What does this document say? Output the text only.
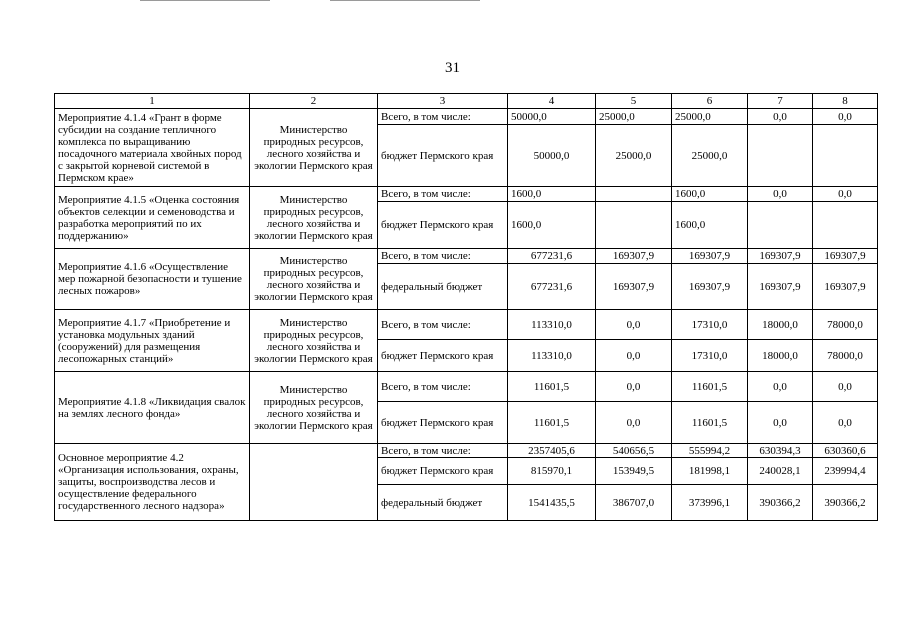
31
1	2	3	4	5	6	7	8
Мероприятие 4.1.4 «Грант в форме субсидии на создание тепличного комплекса по выращиванию посадочного материала хвойных пород с закрытой корневой системой в Пермском крае»	Министерство природных ресурсов, лесного хозяйства и экологии Пермского края	Всего, в том числе:	50000,0	25000,0	25000,0	0,0	0,0
		бюджет Пермского края	50000,0	25000,0	25000,0		
Мероприятие 4.1.5 «Оценка состояния объектов селекции и семеноводства и разработка мероприятий по их поддержанию»	Министерство природных ресурсов, лесного хозяйства и экологии Пермского края	Всего, в том числе:	1600,0		1600,0	0,0	0,0
		бюджет Пермского края	1600,0		1600,0		
Мероприятие 4.1.6 «Осуществление мер пожарной безопасности и тушение лесных пожаров»	Министерство природных ресурсов, лесного хозяйства и экологии Пермского края	Всего, в том числе:	677231,6	169307,9	169307,9	169307,9	169307,9
		федеральный бюджет	677231,6	169307,9	169307,9	169307,9	169307,9
Мероприятие 4.1.7 «Приобретение и установка модульных зданий (сооружений) для размещения лесопожарных станций»	Министерство природных ресурсов, лесного хозяйства и экологии Пермского края	Всего, в том числе:	113310,0	0,0	17310,0	18000,0	78000,0
		бюджет Пермского края	113310,0	0,0	17310,0	18000,0	78000,0
Мероприятие 4.1.8 «Ликвидация свалок на землях лесного фонда»	Министерство природных ресурсов, лесного хозяйства и экологии Пермского края	Всего, в том числе:	11601,5	0,0	11601,5	0,0	0,0
		бюджет Пермского края	11601,5	0,0	11601,5	0,0	0,0
Основное мероприятие 4.2 «Организация использования, охраны, защиты, воспроизводства лесов и осуществление федерального государственного лесного надзора»		Всего, в том числе:	2357405,6	540656,5	555994,2	630394,3	630360,6
		бюджет Пермского края	815970,1	153949,5	181998,1	240028,1	239994,4
		федеральный бюджет	1541435,5	386707,0	373996,1	390366,2	390366,2
